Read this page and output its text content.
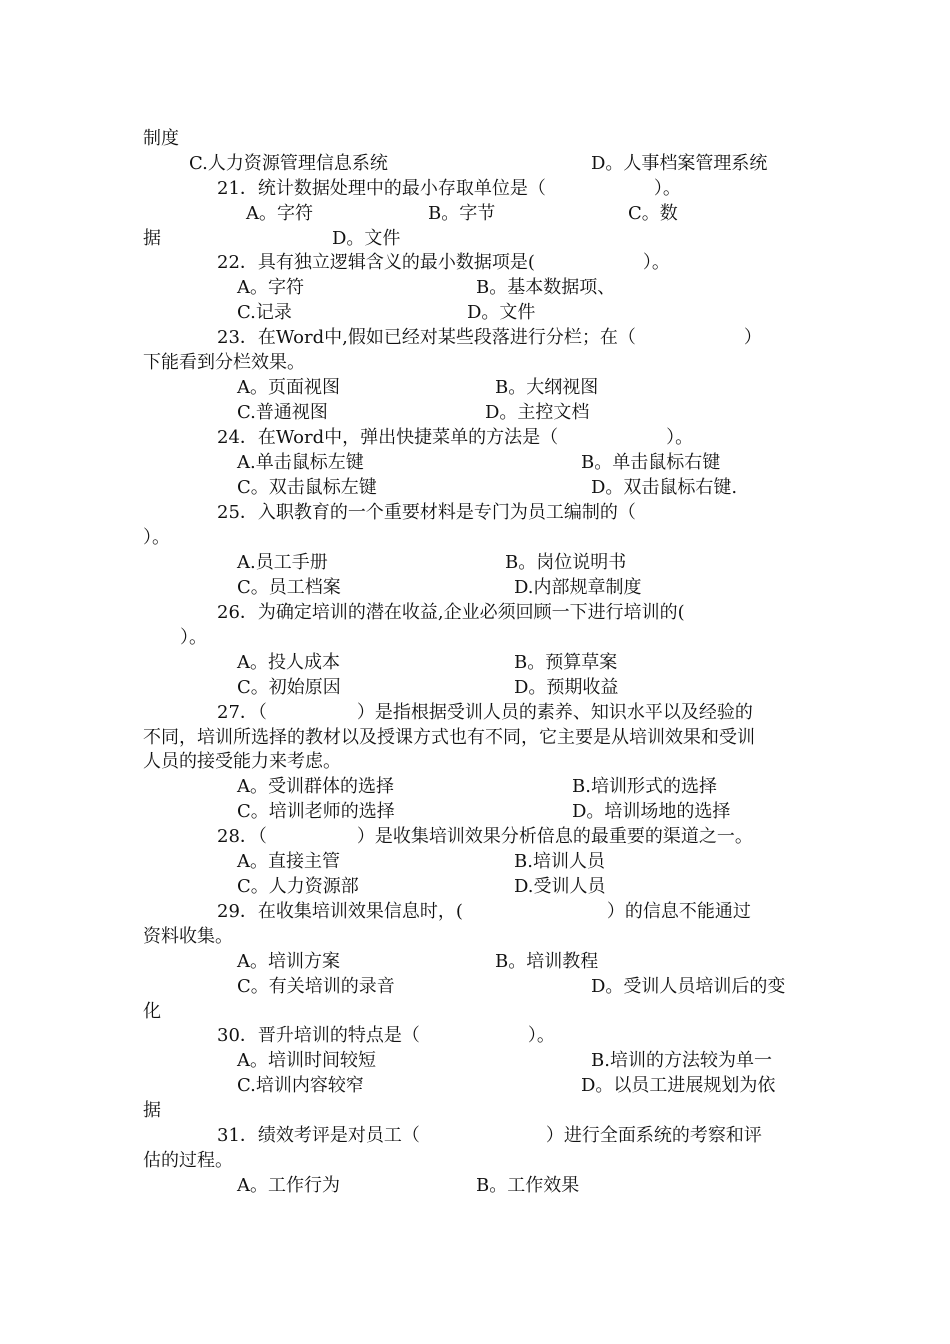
制度
C.人力资源管理信息系统	D。人事档案管理系统
21．统计数据处理中的最小存取单位是（　　　　　　）。
A。字符	B。字节	C。数
据	D。文件
22．具有独立逻辑含义的最小数据项是(　　　　　　）。
A。字符	B。基本数据项、
C.记录	D。文件
23．在Word中,假如已经对某些段落进行分栏；在（　　　　　　）
下能看到分栏效果。
A。页面视图	B。大纲视图
C.普通视图	D。主控文档
24．在Word中，弹出快捷菜单的方法是（　　　　　　）。
A.单击鼠标左键	B。单击鼠标右键
C。双击鼠标左键	D。双击鼠标右键.
25．入职教育的一个重要材料是专门为员工编制的（
）。
A.员工手册	B。岗位说明书
C。员工档案	D.内部规章制度
26．为确定培训的潜在收益,企业必须回顾一下进行培训的(
）。
A。投人成本	B。预算草案
C。初始原因	D。预期收益
27．（　　　　　）是指根据受训人员的素养、知识水平以及经验的
不同，培训所选择的教材以及授课方式也有不同，它主要是从培训效果和受训
人员的接受能力来考虑。
A。受训群体的选择	B.培训形式的选择
C。培训老师的选择	D。培训场地的选择
28．（　　　　　）是收集培训效果分析倍息的最重要的渠道之一。
A。直接主管	B.培训人员
C。人力资源部	D.受训人员
29．在收集培训效果信息时，(　　　　　　　　）的信息不能通过
资料收集。
A。培训方案	B。培训教程
C。有关培训的录音	D。受训人员培训后的变
化
30．晋升培训的特点是（　　　　　　）。
A。培训时间较短	B.培训的方法较为单一
C.培训内容较窄	D。以员工进展规划为依
据
31．绩效考评是对员工（　　　　　　　）进行全面系统的考察和评
估的过程。
A。工作行为	B。工作效果
